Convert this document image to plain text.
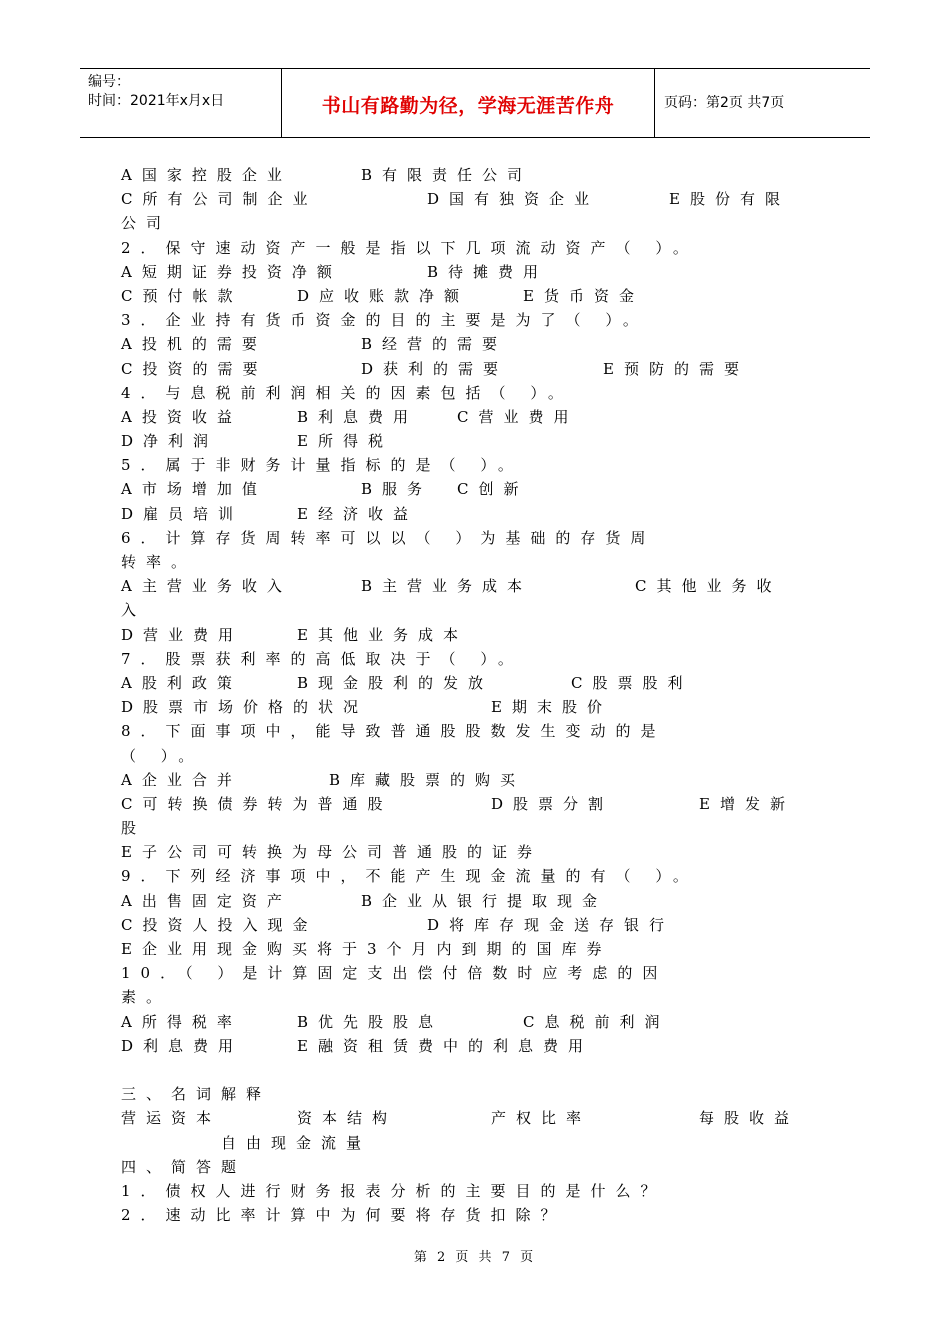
编号：
时间：2021年x月x日	书山有路勤为径，学海无涯苦作舟	页码：第2页 共7页
A国家控股企业	B有限责任公司
C所有公司制企业	D国有独资企业	E股份有限
公司
2．保守速动资产一般是指以下几项流动资产（ ）。
A短期证券投资净额	B待摊费用
C预付帐款	D应收账款净额	E货币资金
3．企业持有货币资金的目的主要是为了（ ）。
A投机的需要	B经营的需要
C投资的需要	D获利的需要	E预防的需要
4．与息税前利润相关的因素包括（ ）。
A投资收益	B利息费用	C营业费用
D净利润	E所得税
5．属于非财务计量指标的是（ ）。
A市场增加值	B服务 C创新
D雇员培训	E经济收益
6．计算存货周转率可以以（ ）为基础的存货周
转率。
A主营业务收入	B主营业务成本	C其他业务收
入
D营业费用	E其他业务成本
7．股票获利率的高低取决于（ ）。
A股利政策	B现金股利的发放	C股票股利
D股票市场价格的状况	E期末股价
8．下面事项中，能导致普通股股数发生变动的是
（ ）。
A企业合并	B库藏股票的购买
C可转换债券转为普通股	D股票分割	E增发新
股
E子公司可转换为母公司普通股的证券
9．下列经济事项中，不能产生现金流量的有（ ）。
A出售固定资产	B企业从银行提取现金
C投资人投入现金	D将库存现金送存银行
E企业用现金购买将于3个月内到期的国库券
10．（ ）是计算固定支出偿付倍数时应考虑的因
素。
A所得税率	B优先股股息	C息税前利润
D利息费用	E融资租赁费中的利息费用
三、名词解释
营运资本	资本结构	产权比率	每股收益
自由现金流量
四、简答题
1．债权人进行财务报表分析的主要目的是什么？
2．速动比率计算中为何要将存货扣除？
第 2 页 共 7 页
